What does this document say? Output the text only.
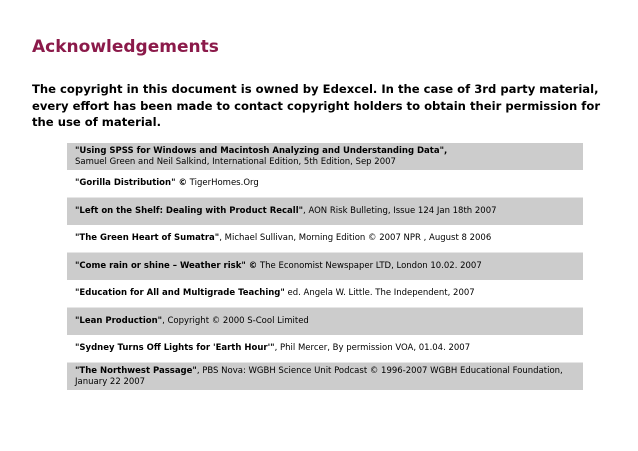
Acknowledgements

The copyright in this document is owned by Edexcel. In the case of 3rd party material, every effort has been made to contact copyright holders to obtain their permission for the use of material.

"Using SPSS for Windows and Macintosh Analyzing and Understanding Data",
Samuel Green and Neil Salkind, International Edition, 5th Edition, Sep 2007
"Gorilla Distribution" © TigerHomes.Org
"Left on the Shelf: Dealing with Product Recall", AON Risk Bulleting, Issue 124 Jan 18th 2007
"The Green Heart of Sumatra", Michael Sullivan, Morning Edition © 2007 NPR , August 8 2006
"Come rain or shine – Weather risk" © The Economist Newspaper LTD, London 10.02. 2007
"Education for All and Multigrade Teaching" ed. Angela W. Little. The Independent, 2007
"Lean Production", Copyright © 2000 S-Cool Limited
"Sydney Turns Off Lights for 'Earth Hour'", Phil Mercer, By permission VOA, 01.04. 2007
"The Northwest Passage", PBS Nova: WGBH Science Unit Podcast © 1996-2007 WGBH Educational Foundation, January 22 2007
